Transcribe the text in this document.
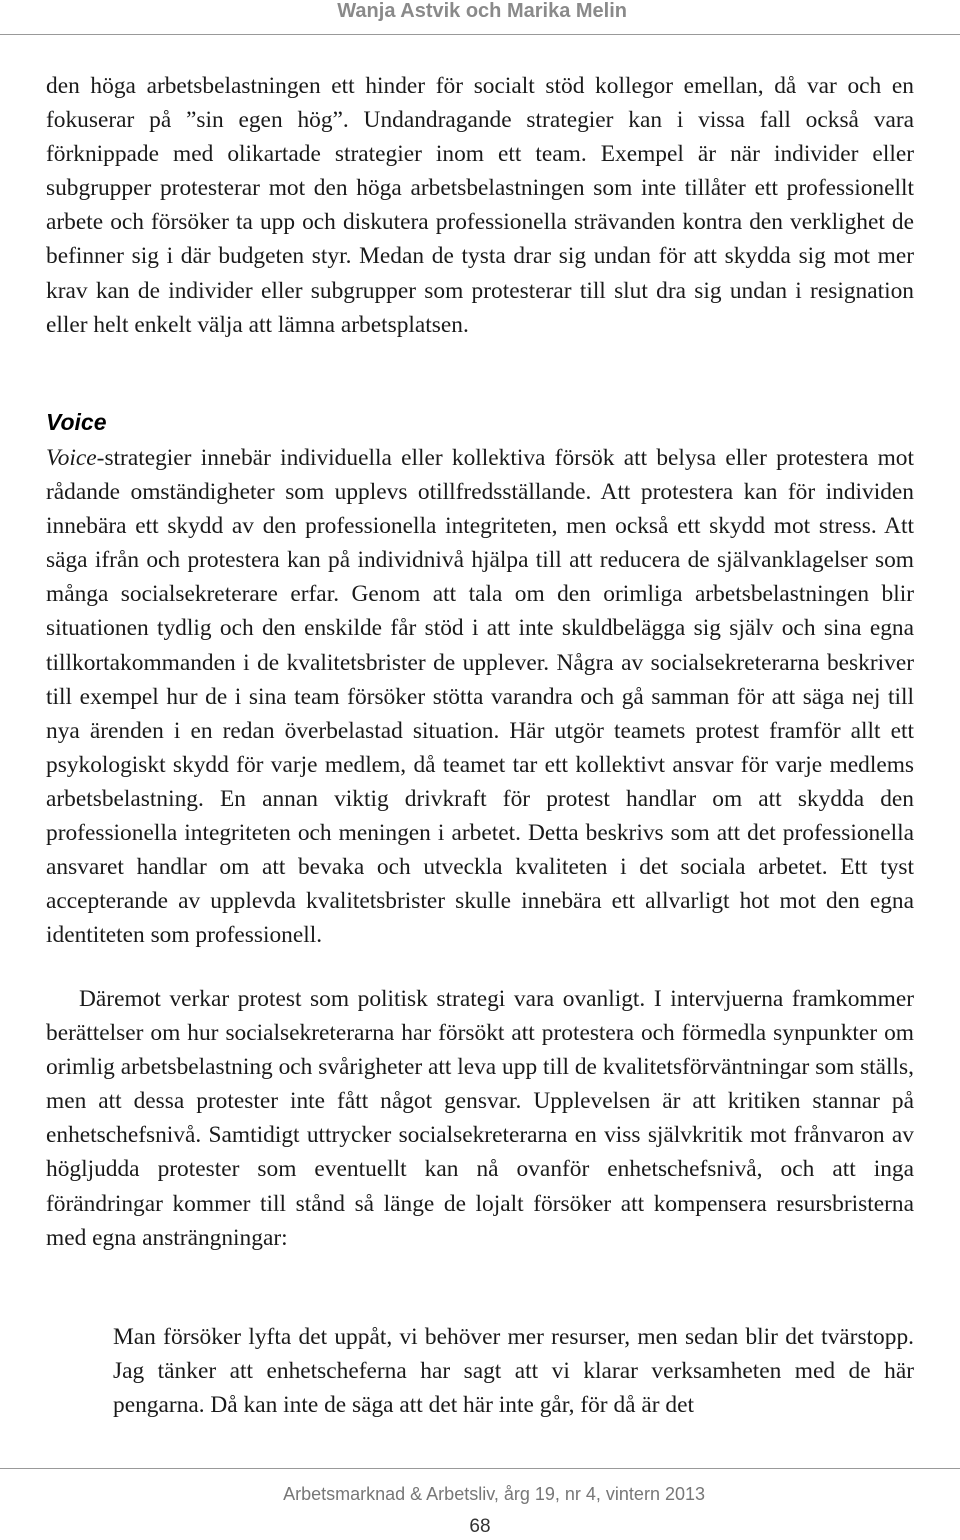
Wanja Astvik och Marika Melin

den höga arbetsbelastningen ett hinder för socialt stöd kollegor emellan, då var och en fokuserar på ”sin egen hög”. Undandragande strategier kan i vissa fall också vara förknippade med olikartade strategier inom ett team. Exempel är när individer eller subgrupper protesterar mot den höga arbetsbelastningen som inte tillåter ett professionellt arbete och försöker ta upp och diskutera professionella strävanden kontra den verklighet de befinner sig i där budgeten styr. Medan de tysta drar sig undan för att skydda sig mot mer krav kan de individer eller subgrupper som protesterar till slut dra sig undan i resignation eller helt enkelt välja att lämna arbetsplatsen.

Voice

Voice-strategier innebär individuella eller kollektiva försök att belysa eller protestera mot rådande omständigheter som upplevs otillfredsställande. Att protestera kan för individen innebära ett skydd av den professionella integriteten, men också ett skydd mot stress. Att säga ifrån och protestera kan på individnivå hjälpa till att reducera de självanklagelser som många socialsekreterare erfar. Genom att tala om den orimliga arbetsbelastningen blir situationen tydlig och den enskilde får stöd i att inte skuldbelägga sig själv och sina egna tillkortakommanden i de kvalitetsbrister de upplever. Några av socialsekreterarna beskriver till exempel hur de i sina team försöker stötta varandra och gå samman för att säga nej till nya ärenden i en redan överbelastad situation. Här utgör teamets protest framför allt ett psykologiskt skydd för varje medlem, då teamet tar ett kollektivt ansvar för varje medlems arbetsbelastning. En annan viktig drivkraft för protest handlar om att skydda den professionella integriteten och meningen i arbetet. Detta beskrivs som att det professionella ansvaret handlar om att bevaka och utveckla kvaliteten i det sociala arbetet. Ett tyst accepterande av upplevda kvalitetsbrister skulle innebära ett allvarligt hot mot den egna identiteten som professionell.

Däremot verkar protest som politisk strategi vara ovanligt. I intervjuerna framkommer berättelser om hur socialsekreterarna har försökt att protestera och förmedla synpunkter om orimlig arbetsbelastning och svårigheter att leva upp till de kvalitetsförväntningar som ställs, men att dessa protester inte fått något gensvar. Upplevelsen är att kritiken stannar på enhetschefsnivå. Samtidigt uttrycker socialsekreterarna en viss självkritik mot frånvaron av högljudda protester som eventuellt kan nå ovanför enhetschefsnivå, och att inga förändringar kommer till stånd så länge de lojalt försöker att kompensera resursbristerna med egna ansträngningar:

Man försöker lyfta det uppåt, vi behöver mer resurser, men sedan blir det tvärstopp. Jag tänker att enhetscheferna har sagt att vi klarar verksamheten med de här pengarna. Då kan inte de säga att det här inte går, för då är det

Arbetsmarknad & Arbetsliv, årg 19, nr 4, vintern 2013
68
